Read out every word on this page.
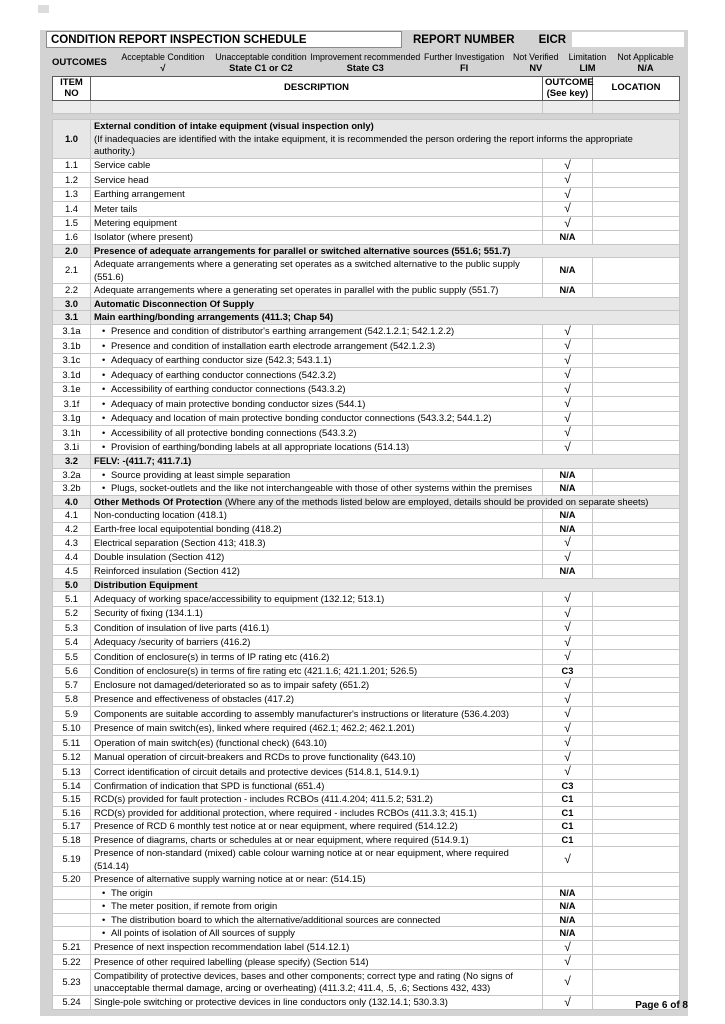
CONDITION REPORT INSPECTION SCHEDULE	REPORT NUMBER EICR
OUTCOMES	Acceptable Condition
√
Unacceptable condition
State C1 or C2
Improvement recommended
State C3
Further Investigation
FI
Not Verified
NV
Limitation
LIM
Not Applicable
N/A
ITEM
NO	DESCRIPTION	OUTCOME
(See key)	LOCATION

1.0	External condition of intake equipment (visual inspection only)
(If inadequacies are identified with the intake equipment, it is recommended the person ordering the report informs the appropriate authority.)		

1.1	Service cable	√	
1.2	Service head	√	
1.3	Earthing arrangement	√	
1.4	Meter tails	√	
1.5	Metering equipment	√	
1.6	Isolator (where present)	N/A	
2.0	Presence of adequate arrangements for parallel or switched alternative sources (551.6; 551.7)		
2.1	Adequate arrangements where a generating set operates as a switched alternative to the public supply (551.6)	N/A	
2.2	Adequate arrangements where a generating set operates in parallel with the public supply (551.7)	N/A	
3.0	Automatic Disconnection Of Supply		
3.1	Main earthing/bonding arrangements (411.3; Chap 54)		
3.1a	• Presence and condition of distributor's earthing arrangement (542.1.2.1; 542.1.2.2)	√	
3.1b	• Presence and condition of installation earth electrode arrangement (542.1.2.3)	√	
3.1c	• Adequacy of earthing conductor size (542.3; 543.1.1)	√	
3.1d	• Adequacy of earthing conductor connections (542.3.2)	√	
3.1e	• Accessibility of earthing conductor connections (543.3.2)	√	
3.1f	• Adequacy of main protective bonding conductor sizes (544.1)	√	
3.1g	• Adequacy and location of main protective bonding conductor connections (543.3.2; 544.1.2)	√	
3.1h	• Accessibility of all protective bonding connections (543.3.2)	√	
3.1i	• Provision of earthing/bonding labels at all appropriate locations (514.13)	√	
3.2	FELV: -(411.7; 411.7.1)		
3.2a	• Source providing at least simple separation	N/A	
3.2b	• Plugs, socket-outlets and the like not interchangeable with those of other systems within the premises	N/A	
4.0	Other Methods Of Protection (Where any of the methods listed below are employed, details should be provided on separate sheets)		
4.1	Non-conducting location (418.1)	N/A	
4.2	Earth-free local equipotential bonding (418.2)	N/A	
4.3	Electrical separation (Section 413; 418.3)	√	
4.4	Double insulation (Section 412)	√	
4.5	Reinforced insulation (Section 412)	N/A	
5.0	Distribution Equipment		
5.1	Adequacy of working space/accessibility to equipment (132.12; 513.1)	√	
5.2	Security of fixing (134.1.1)	√	
5.3	Condition of insulation of live parts (416.1)	√	
5.4	Adequacy /security of barriers (416.2)	√	
5.5	Condition of enclosure(s) in terms of IP rating etc (416.2)	√	
5.6	Condition of enclosure(s) in terms of fire rating etc (421.1.6; 421.1.201; 526.5)	C3	
5.7	Enclosure not damaged/deteriorated so as to impair safety (651.2)	√	
5.8	Presence and effectiveness of obstacles (417.2)	√	
5.9	Components are suitable according to assembly manufacturer's instructions or literature (536.4.203)	√	
5.10	Presence of main switch(es), linked where required (462.1; 462.2; 462.1.201)	√	
5.11	Operation of main switch(es) (functional check) (643.10)	√	
5.12	Manual operation of circuit-breakers and RCDs to prove functionality (643.10)	√	
5.13	Correct identification of circuit details and protective devices (514.8.1, 514.9.1)	√	
5.14	Confirmation of indication that SPD is functional (651.4)	C3	
5.15	RCD(s) provided for fault protection - includes RCBOs (411.4.204; 411.5.2; 531.2)	C1	
5.16	RCD(s) provided for additional protection, where required - includes RCBOs (411.3.3; 415.1)	C1	
5.17	Presence of RCD 6 monthly test notice at or near equipment, where required (514.12.2)	C1	
5.18	Presence of diagrams, charts or schedules at or near equipment, where required (514.9.1)	C1	
5.19	Presence of non-standard (mixed) cable colour warning notice at or near equipment, where required (514.14)	√	
5.20	Presence of alternative supply warning notice at or near: (514.15)		
	• The origin	N/A	
	• The meter position, if remote from origin	N/A	
	• The distribution board to which the alternative/additional sources are connected	N/A	
	• All points of isolation of All sources of supply	N/A	
5.21	Presence of next inspection recommendation label (514.12.1)	√	
5.22	Presence of other required labelling (please specify) (Section 514)	√	
5.23	Compatibility of protective devices, bases and other components; correct type and rating (No signs of unacceptable thermal damage, arcing or overheating) (411.3.2; 411.4, .5, .6; Sections 432, 433)	√	
5.24	Single-pole switching or protective devices in line conductors only (132.14.1; 530.3.3)	√		Page 6 of 8
